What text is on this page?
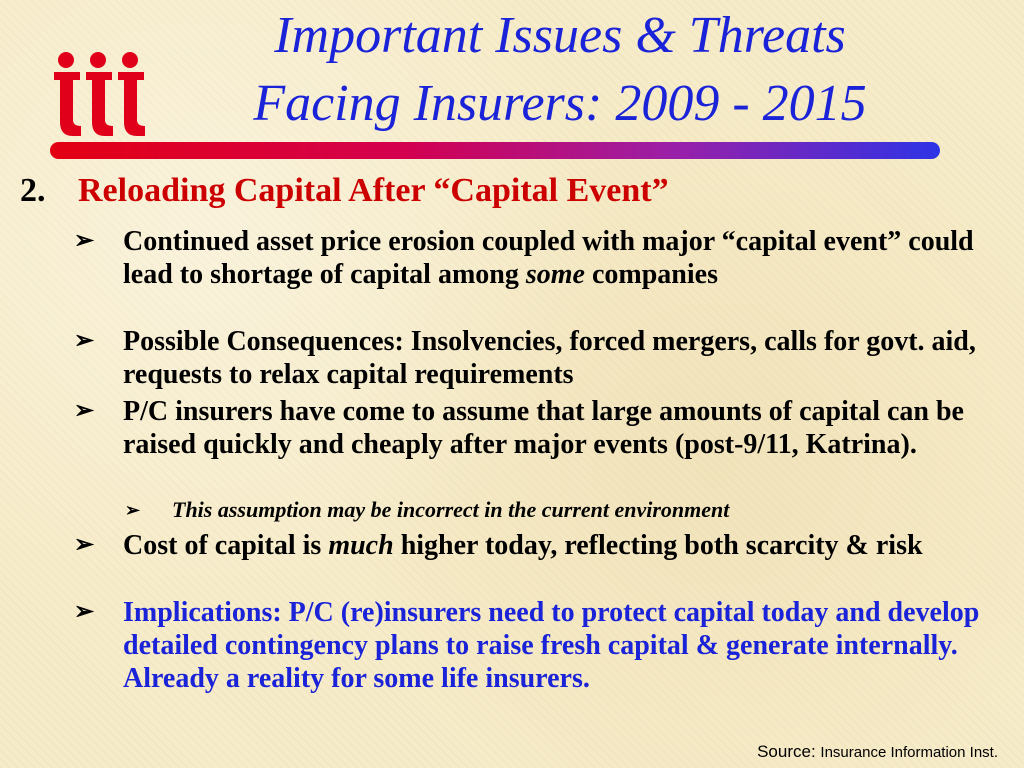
Important Issues & Threats
Facing Insurers: 2009 - 2015
2. Reloading Capital After “Capital Event”
➢ Continued asset price erosion coupled with major “capital event” could lead to shortage of capital among some companies
➢ Possible Consequences: Insolvencies, forced mergers, calls for govt. aid, requests to relax capital requirements
➢ P/C insurers have come to assume that large amounts of capital can be raised quickly and cheaply after major events (post-9/11, Katrina).
➢ This assumption may be incorrect in the current environment
➢ Cost of capital is much higher today, reflecting both scarcity & risk
➢ Implications: P/C (re)insurers need to protect capital today and develop detailed contingency plans to raise fresh capital & generate internally. Already a reality for some life insurers.
Source: Insurance Information Inst.
